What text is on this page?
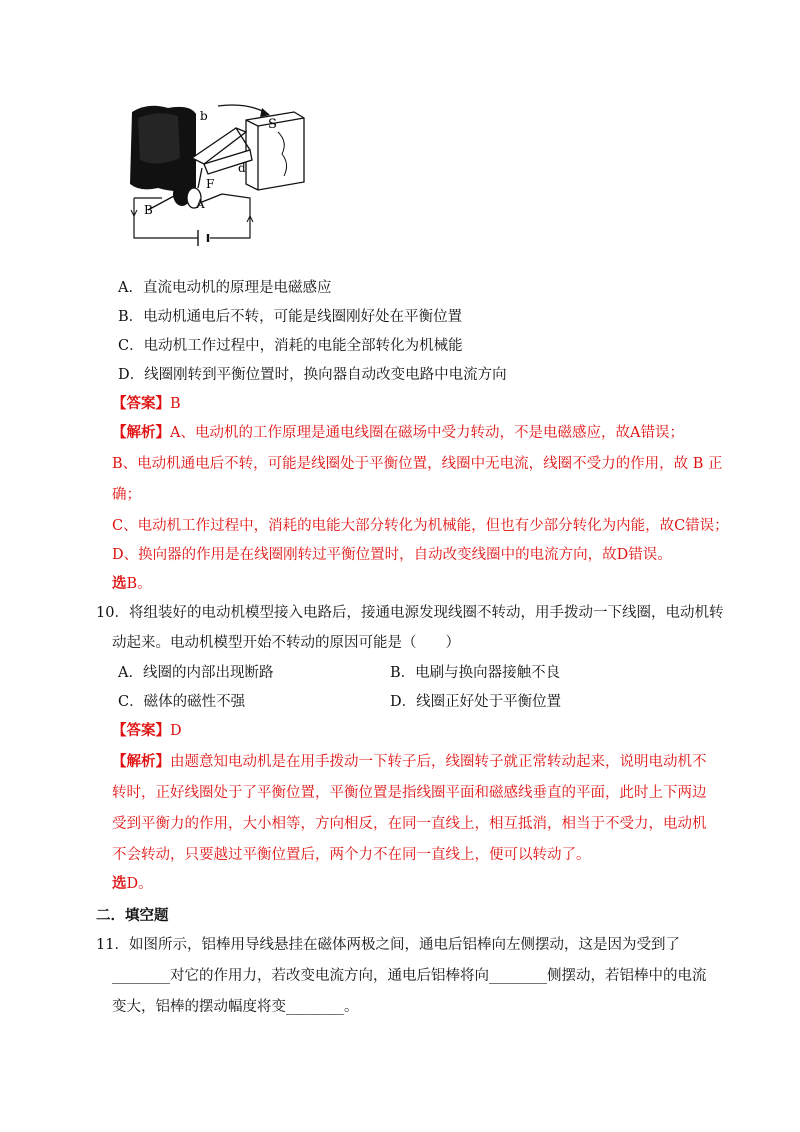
b
S
d
F
A
B
A．直流电动机的原理是电磁感应
B．电动机通电后不转，可能是线圈刚好处在平衡位置
C．电动机工作过程中，消耗的电能全部转化为机械能
D．线圈刚转到平衡位置时，换向器自动改变电路中电流方向
【答案】B
【解析】A、电动机的工作原理是通电线圈在磁场中受力转动，不是电磁感应，故A错误；
B、电动机通电后不转，可能是线圈处于平衡位置，线圈中无电流，线圈不受力的作用，故 B 正
确；
C、电动机工作过程中，消耗的电能大部分转化为机械能，但也有少部分转化为内能，故C错误；
D、换向器的作用是在线圈刚转过平衡位置时，自动改变线圈中的电流方向，故D错误。
选B。
10．将组装好的电动机模型接入电路后，接通电源发现线圈不转动，用手拨动一下线圈，电动机转
动起来。电动机模型开始不转动的原因可能是（　　）
A．线圈的内部出现断路	B．电刷与换向器接触不良
C．磁体的磁性不强	D．线圈正好处于平衡位置
【答案】D
【解析】由题意知电动机是在用手拨动一下转子后，线圈转子就正常转动起来，说明电动机不
转时，正好线圈处于了平衡位置，平衡位置是指线圈平面和磁感线垂直的平面，此时上下两边
受到平衡力的作用，大小相等，方向相反，在同一直线上，相互抵消，相当于不受力，电动机
不会转动，只要越过平衡位置后，两个力不在同一直线上，便可以转动了。
选D。
二．填空题
11．如图所示，铝棒用导线悬挂在磁体两极之间，通电后铝棒向左侧摆动，这是因为受到了
________对它的作用力，若改变电流方向，通电后铝棒将向________侧摆动，若铝棒中的电流
变大，铝棒的摆动幅度将变________。
